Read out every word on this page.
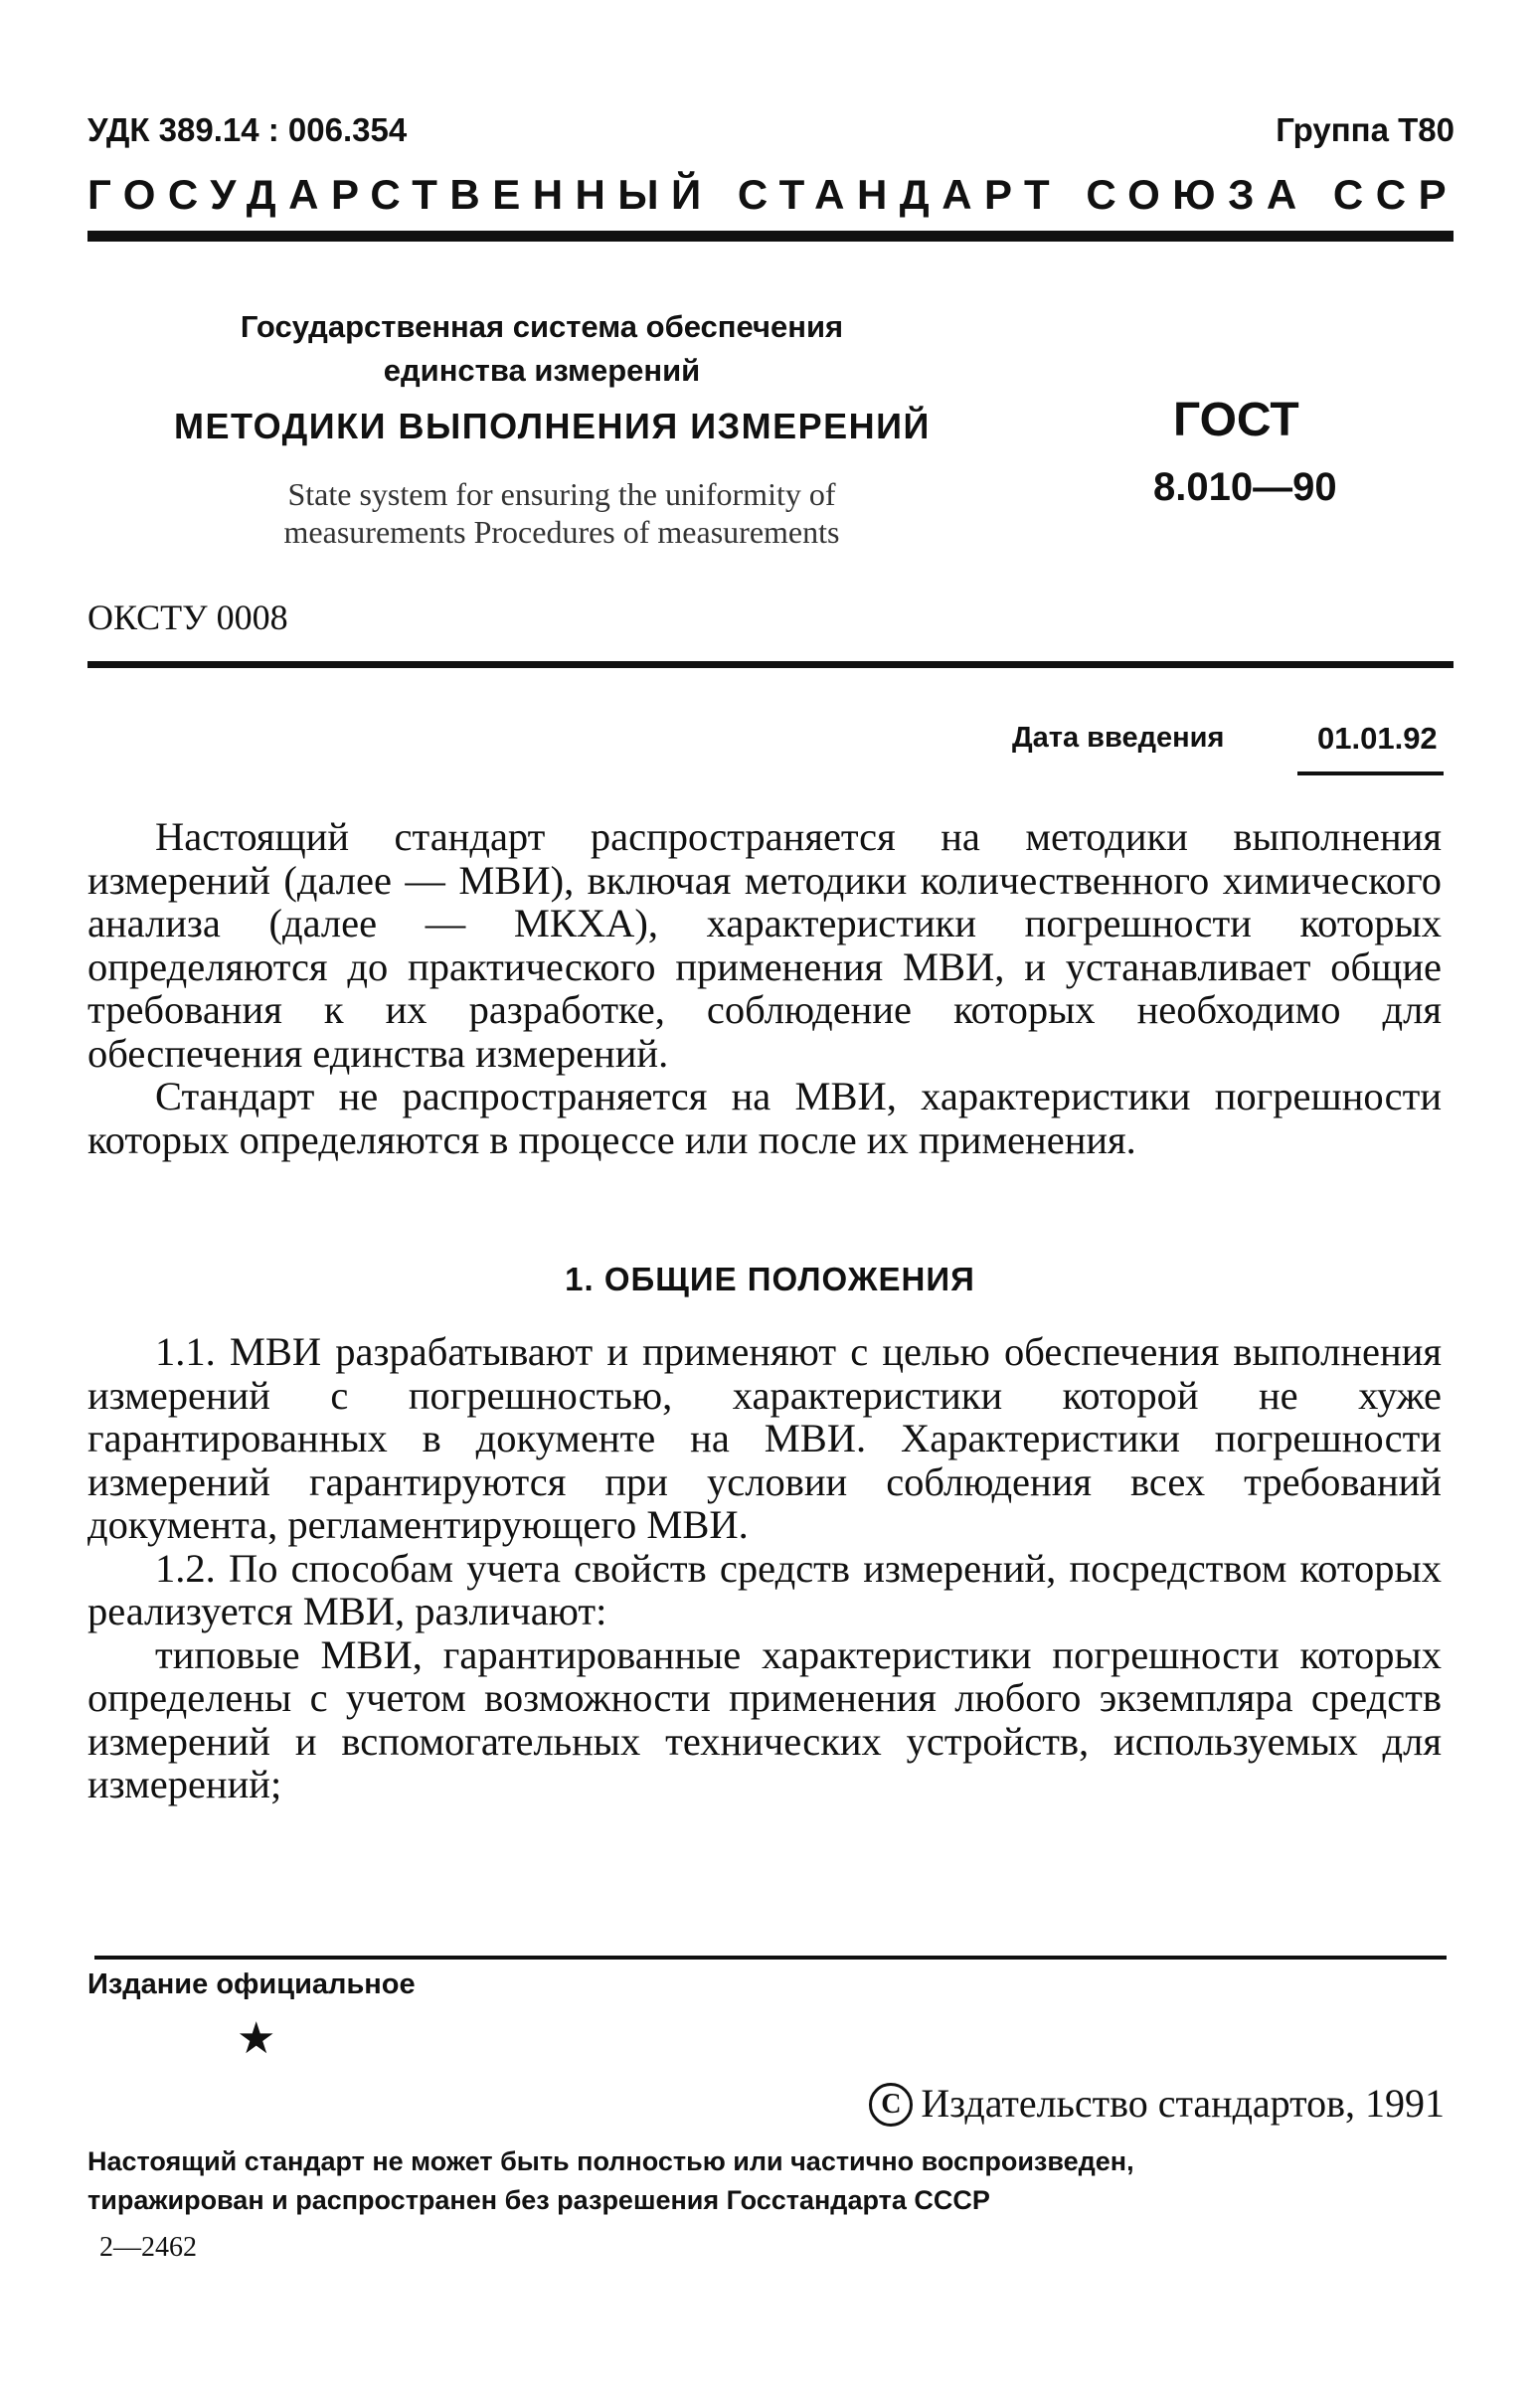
УДК 389.14 : 006.354	Группа Т80
ГОСУДАРСТВЕННЫЙ СТАНДАРТ СОЮЗА ССР
Государственная система обеспечения
единства измерений
МЕТОДИКИ ВЫПОЛНЕНИЯ ИЗМЕРЕНИЙ
State system for ensuring the uniformity of
measurements Procedures of measurements
ГОСТ
8.010—90
ОКСТУ 0008
Дата введения	01.01.92

Настоящий стандарт распространяется на методики выполнения измерений (далее — МВИ), включая методики количественного химического анализа (далее — МКХА), характеристики погрешности которых определяются до практического применения МВИ, и устанавливает общие требования к их разработке, соблюдение которых необходимо для обеспечения единства измерений.

Стандарт не распространяется на МВИ, характеристики погрешности которых определяются в процессе или после их применения.

1. ОБЩИЕ ПОЛОЖЕНИЯ

1.1. МВИ разрабатывают и применяют с целью обеспечения выполнения измерений с погрешностью, характеристики которой не хуже гарантированных в документе на МВИ. Характеристики погрешности измерений гарантируются при условии соблюдения всех требований документа, регламентирующего МВИ.

1.2. По способам учета свойств средств измерений, посредством которых реализуется МВИ, различают:

типовые МВИ, гарантированные характеристики погрешности которых определены с учетом возможности применения любого экземпляра средств измерений и вспомогательных технических устройств, используемых для измерений;

Издание официальное
★
С Издательство стандартов, 1991

Настоящий стандарт не может быть полностью или частично воспроизведен,

тиражирован и распространен без разрешения Госстандарта СССР

2—2462
